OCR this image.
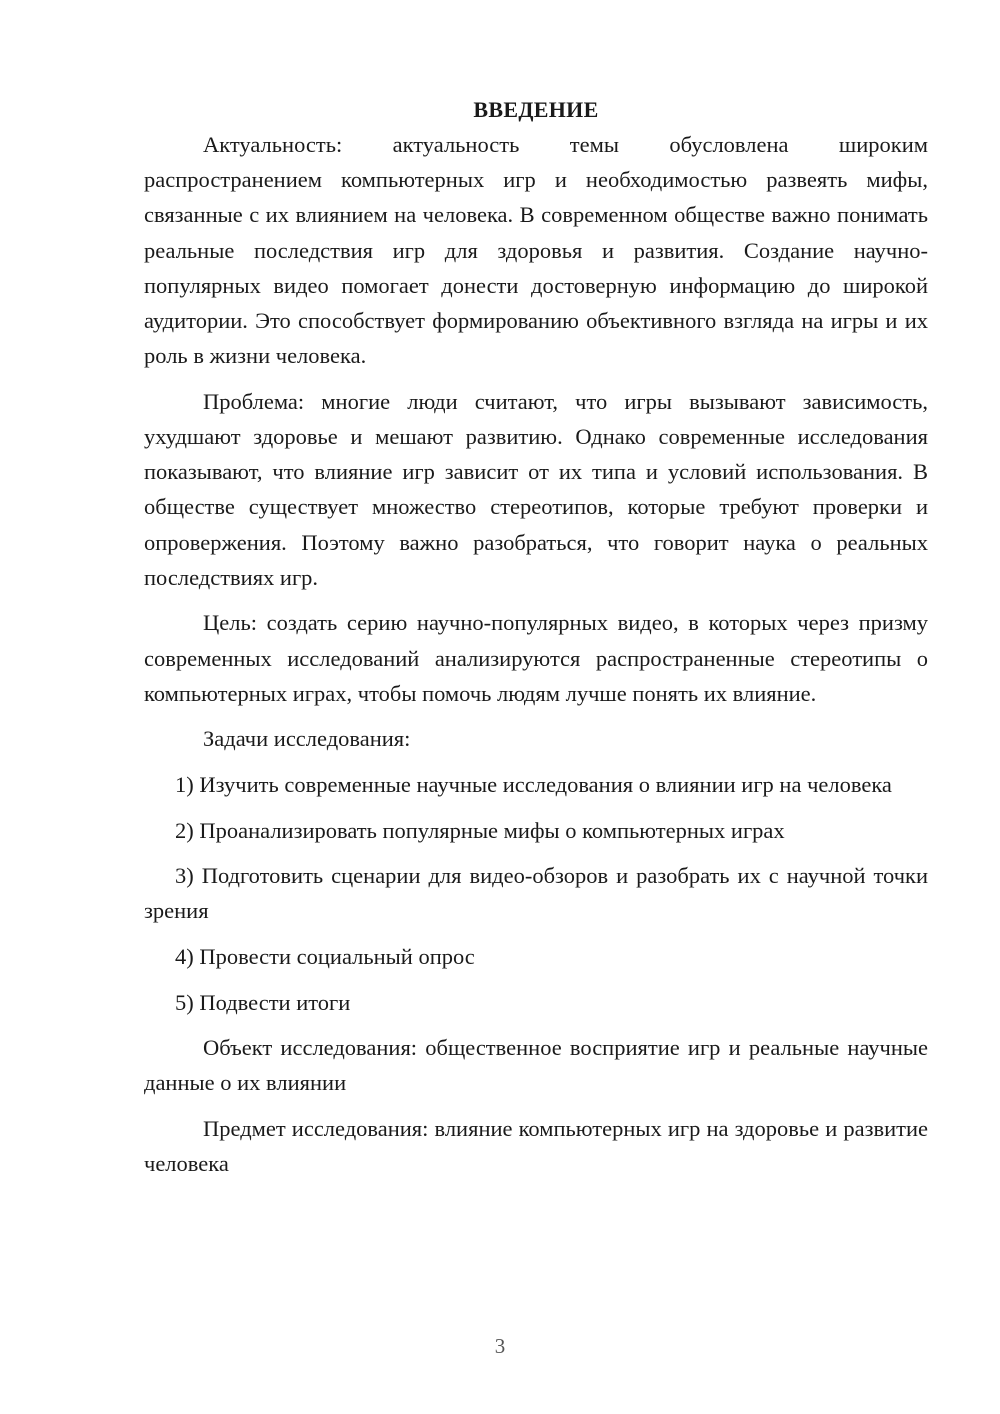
ВВЕДЕНИЕ

Актуальность: актуальность темы обусловлена широким распространением компьютерных игр и необходимостью развеять мифы, связанные с их влиянием на человека. В современном обществе важно понимать реальные последствия игр для здоровья и развития. Создание научно-популярных видео помогает донести достоверную информацию до широкой аудитории. Это способствует формированию объективного взгляда на игры и их роль в жизни человека.

Проблема: многие люди считают, что игры вызывают зависимость, ухудшают здоровье и мешают развитию. Однако современные исследования показывают, что влияние игр зависит от их типа и условий использования. В обществе существует множество стереотипов, которые требуют проверки и опровержения. Поэтому важно разобраться, что говорит наука о реальных последствиях игр.

Цель: создать серию научно-популярных видео, в которых через призму современных исследований анализируются распространенные стереотипы о компьютерных играх, чтобы помочь людям лучше понять их влияние.

Задачи исследования:

1) Изучить современные научные исследования о влиянии игр на человека

2) Проанализировать популярные мифы о компьютерных играх

3) Подготовить сценарии для видео-обзоров и разобрать их с научной точки зрения

4) Провести социальный опрос

5) Подвести итоги

Объект исследования: общественное восприятие игр и реальные научные данные о их влиянии

Предмет исследования: влияние компьютерных игр на здоровье и развитие человека

3
